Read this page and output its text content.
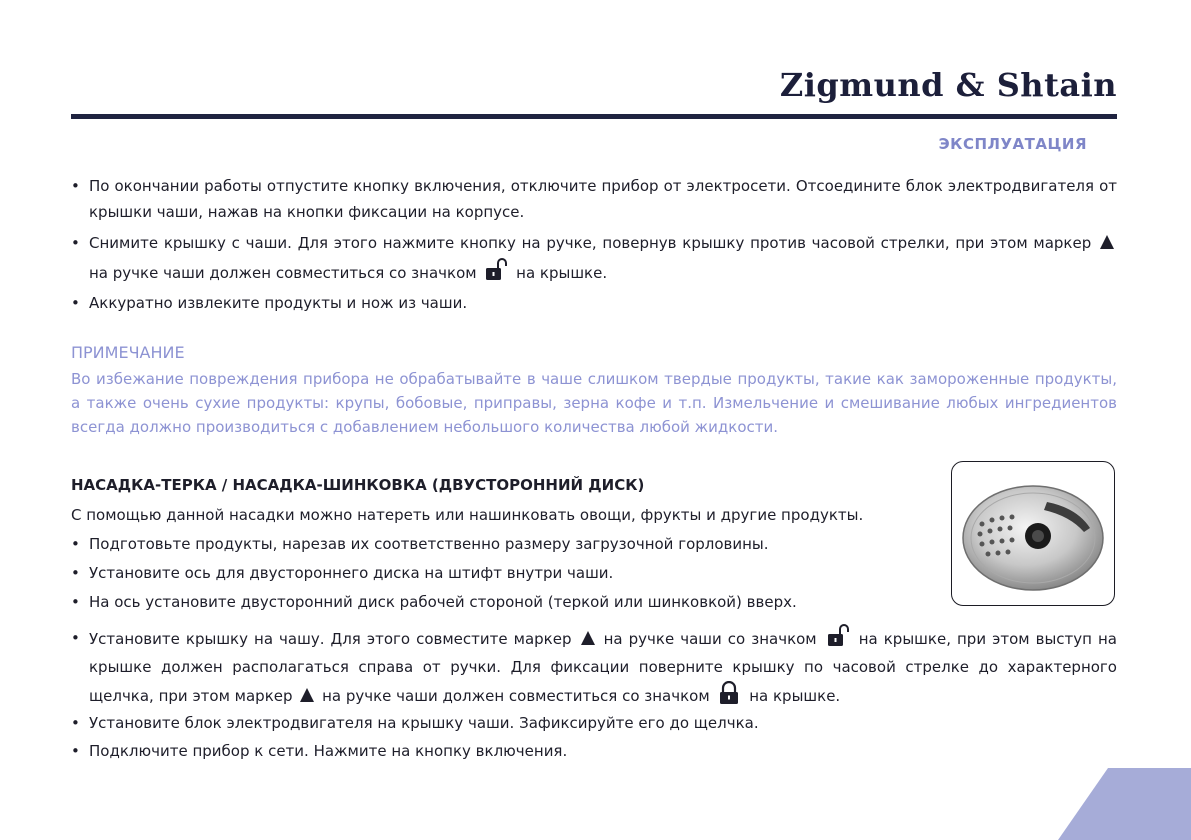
Zigmund & Shtain
ЭКСПЛУАТАЦИЯ
• По окончании работы отпустите кнопку включения, отключите прибор от электросети. Отсоедините блок электродвигателя от крышки чаши, нажав на кнопки фиксации на корпусе.
• Снимите крышку с чаши. Для этого нажмите кнопку на ручке, повернув крышку против часовой стрелки, при этом маркер  на ручке чаши должен совместиться со значком	на крышке.
• Аккуратно извлеките продукты и нож из чаши.
ПРИМЕЧАНИЕ
Во избежание повреждения прибора не обрабатывайте в чаше слишком твердые продукты, такие как замороженные продукты, а также очень сухие продукты: крупы, бобовые, приправы, зерна кофе и т.п. Измельчение и смешивание любых ингредиентов всегда должно производиться с добавлением небольшого количества любой жидкости.
НАСАДКА-ТЕРКА / НАСАДКА-ШИНКОВКА (ДВУСТОРОННИЙ ДИСК)
С помощью данной насадки можно натереть или нашинковать овощи, фрукты и другие продукты.
• Подготовьте продукты, нарезав их соответственно размеру загрузочной горловины.
• Установите ось для двустороннего диска на штифт внутри чаши.
• На ось установите двусторонний диск рабочей стороной (теркой или шинковкой) вверх.
• Установите крышку на чашу. Для этого совместите маркер на ручке чаши со значком	на крышке, при этом выступ на крышке должен располагаться справа от ручки. Для фиксации поверните крышку по часовой стрелке до характерного щелчка, при этом маркер на ручке чаши должен совместиться со значком	на крышке.
• Установите блок электродвигателя на крышку чаши. Зафиксируйте его до щелчка.
• Подключите прибор к сети. Нажмите на кнопку включения.
